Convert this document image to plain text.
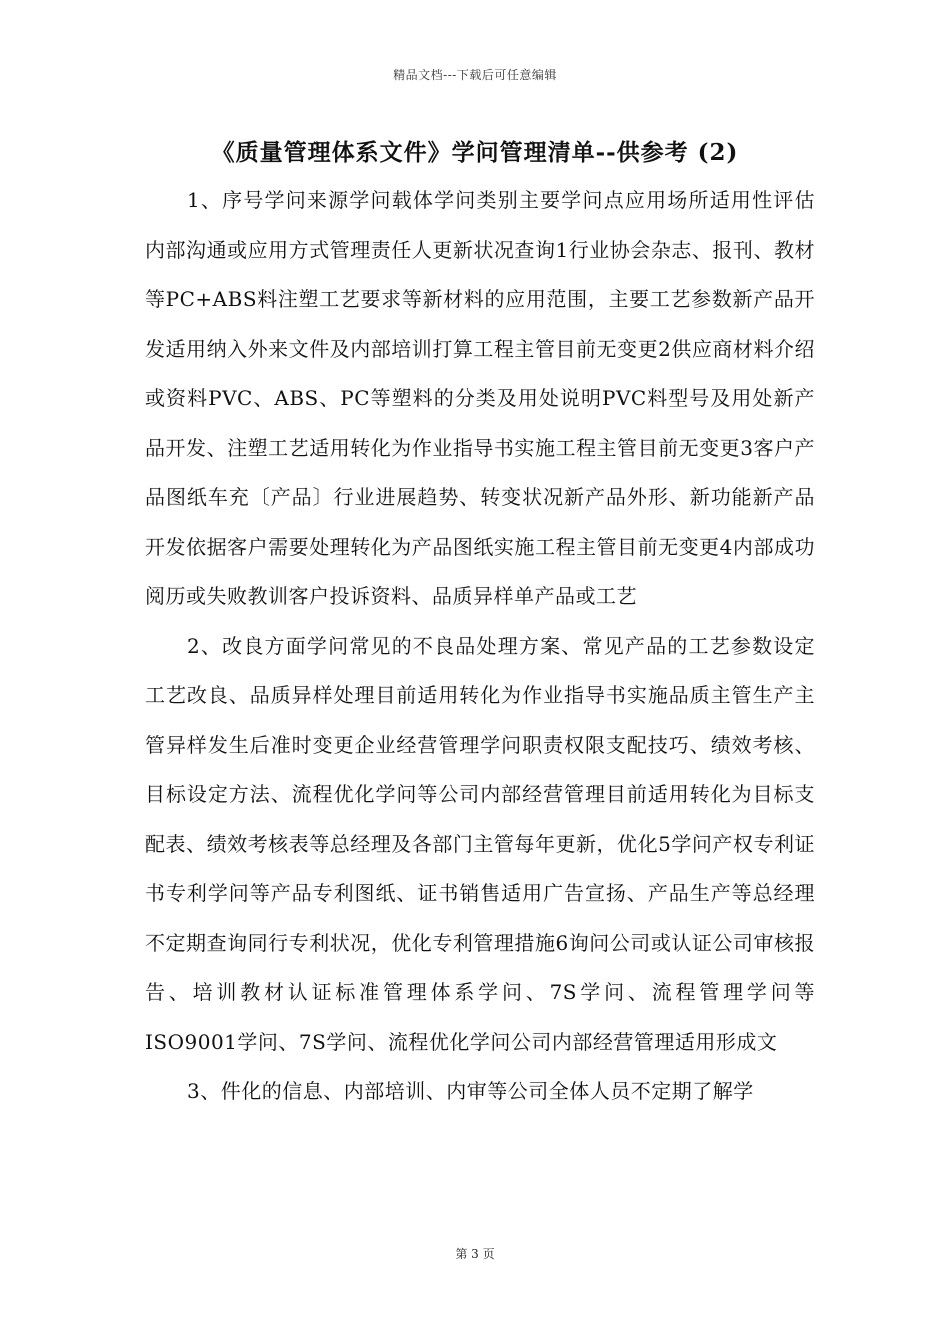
精品文档---下载后可任意编辑
《质量管理体系文件》学问管理清单--供参考 (2)

1、序号学问来源学问载体学问类别主要学问点应用场所适用性评估内部沟通或应用方式管理责任人更新状况查询1行业协会杂志、报刊、教材等PC+ABS料注塑工艺要求等新材料的应用范围，主要工艺参数新产品开发适用纳入外来文件及内部培训打算工程主管目前无变更2供应商材料介绍或资料PVC、ABS、PC等塑料的分类及用处说明PVC料型号及用处新产品开发、注塑工艺适用转化为作业指导书实施工程主管目前无变更3客户产品图纸车充〔产品〕行业进展趋势、转变状况新产品外形、新功能新产品开发依据客户需要处理转化为产品图纸实施工程主管目前无变更4内部成功阅历或失败教训客户投诉资料、品质异样单产品或工艺

2、改良方面学问常见的不良品处理方案、常见产品的工艺参数设定工艺改良、品质异样处理目前适用转化为作业指导书实施品质主管生产主管异样发生后准时变更企业经营管理学问职责权限支配技巧、绩效考核、目标设定方法、流程优化学问等公司内部经营管理目前适用转化为目标支配表、绩效考核表等总经理及各部门主管每年更新，优化5学问产权专利证书专利学问等产品专利图纸、证书销售适用广告宣扬、产品生产等总经理不定期查询同行专利状况，优化专利管理措施6询问公司或认证公司审核报告、培训教材认证标准管理体系学问、7S学问、流程管理学问等ISO9001学问、7S学问、流程优化学问公司内部经营管理适用形成文

3、件化的信息、内部培训、内审等公司全体人员不定期了解学

第 3 页
